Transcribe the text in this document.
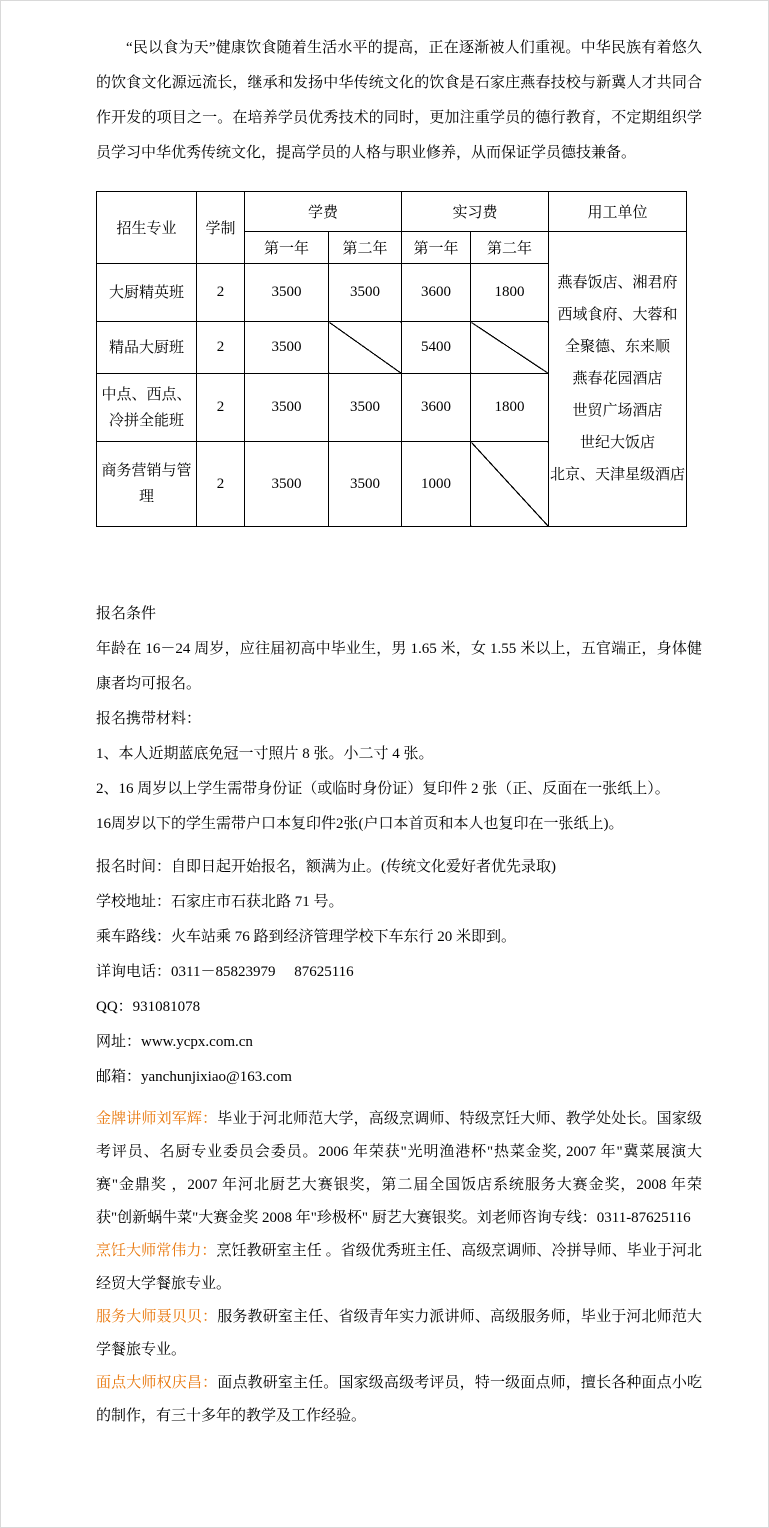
“民以食为天”健康饮食随着生活水平的提高，正在逐渐被人们重视。中华民族有着悠久的饮食文化源远流长，继承和发扬中华传统文化的饮食是石家庄燕春技校与新冀人才共同合作开发的项目之一。在培养学员优秀技术的同时，更加注重学员的德行教育，不定期组织学员学习中华优秀传统文化，提高学员的人格与职业修养，从而保证学员德技兼备。

招生专业	学制	学费		实习费		用工单位
第一年	第二年	第一年	第二年	
燕春饭店、湘君府
西域食府、大蓉和
全聚德、东来顺
燕春花园酒店
世贸广场酒店
世纪大饭店
北京、天津星级酒店

大厨精英班	2	3500	3500	3600	1800	
精品大厨班	2	3500		5400		
中点、西点、冷拼全能班	2	3500	3500	3600	1800	
商务营销与管理	2	3500	3500	1000		

报名条件

年龄在 16－24 周岁，应往届初高中毕业生，男 1.65 米，女 1.55 米以上，五官端正，身体健康者均可报名。

报名携带材料：

1、本人近期蓝底免冠一寸照片 8 张。小二寸 4 张。

2、16 周岁以上学生需带身份证（或临时身份证）复印件 2 张（正、反面在一张纸上）。

16周岁以下的学生需带户口本复印件2张(户口本首页和本人也复印在一张纸上)。

报名时间：自即日起开始报名，额满为止。(传统文化爱好者优先录取)

学校地址：石家庄市石获北路 71 号。

乘车路线：火车站乘 76 路到经济管理学校下车东行 20 米即到。

详询电话：0311－85823979　 87625116

QQ：931081078

网址：www.ycpx.com.cn

邮箱：yanchunjixiao@163.com

金牌讲师刘军辉：毕业于河北师范大学，高级烹调师、特级烹饪大师、教学处处长。国家级考评员、名厨专业委员会委员。2006 年荣获"光明渔港杯"热菜金奖, 2007 年"冀菜展演大赛"金鼎奖 ，2007 年河北厨艺大赛银奖，第二届全国饭店系统服务大赛金奖，2008 年荣获"创新蜗牛菜"大赛金奖 2008 年"珍极杯" 厨艺大赛银奖。刘老师咨询专线：0311-87625116

烹饪大师常伟力：烹饪教研室主任 。省级优秀班主任、高级烹调师、冷拼导师、毕业于河北经贸大学餐旅专业。

服务大师聂贝贝：服务教研室主任、省级青年实力派讲师、高级服务师，毕业于河北师范大学餐旅专业。

面点大师权庆昌：面点教研室主任。国家级高级考评员，特一级面点师，擅长各种面点小吃的制作，有三十多年的教学及工作经验。
